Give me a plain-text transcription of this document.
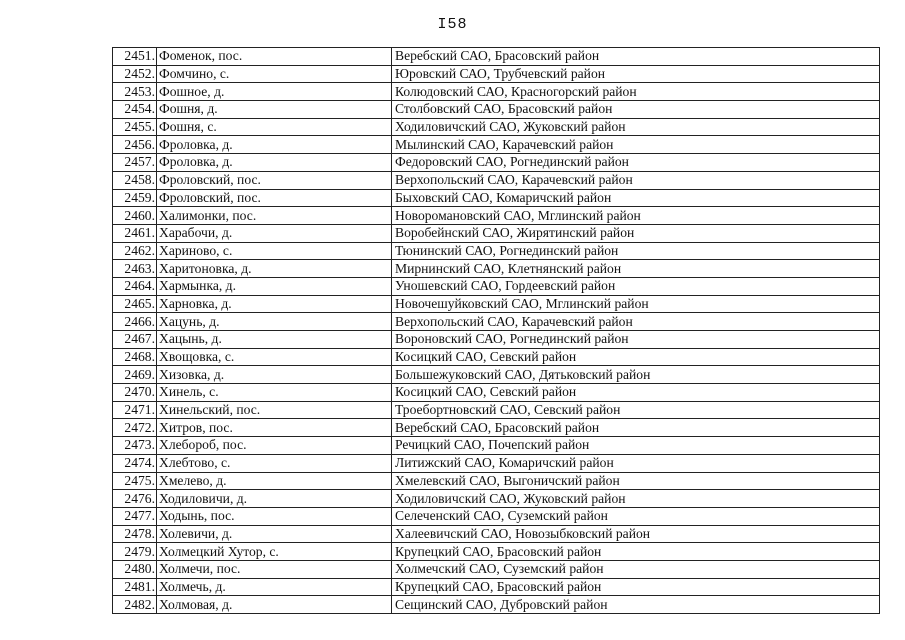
I58
2451.	Фоменок, пос.	Веребский САО, Брасовский район
2452.	Фомчино, с.	Юровский САО, Трубчевский район
2453.	Фошное, д.	Колюдовский САО, Красногорский район
2454.	Фошня, д.	Столбовский САО, Брасовский район
2455.	Фошня, с.	Ходиловичский САО, Жуковский район
2456.	Фроловка, д.	Мылинский САО, Карачевский район
2457.	Фроловка, д.	Федоровский САО, Рогнединский район
2458.	Фроловский, пос.	Верхопольский САО, Карачевский район
2459.	Фроловский, пос.	Быховский САО, Комаричский район
2460.	Халимонки, пос.	Новоромановский САО, Мглинский район
2461.	Харабочи, д.	Воробейнский САО, Жирятинский район
2462.	Хариново, с.	Тюнинский САО, Рогнединский район
2463.	Харитоновка, д.	Мирнинский САО, Клетнянский район
2464.	Хармынка, д.	Уношевский САО, Гордеевский район
2465.	Харновка, д.	Новочешуйковский САО, Мглинский район
2466.	Хацунь, д.	Верхопольский САО, Карачевский район
2467.	Хацынь, д.	Вороновский САО, Рогнединский район
2468.	Хвощовка, с.	Косицкий САО, Севский район
2469.	Хизовка, д.	Большежуковский САО, Дятьковский район
2470.	Хинель, с.	Косицкий САО, Севский район
2471.	Хинельский, пос.	Троебортновский САО, Севский район
2472.	Хитров, пос.	Веребский САО, Брасовский район
2473.	Хлебороб, пос.	Речицкий САО, Почепский район
2474.	Хлебтово, с.	Литижский САО, Комаричский район
2475.	Хмелево, д.	Хмелевский САО, Выгоничский район
2476.	Ходиловичи, д.	Ходиловичский САО, Жуковский район
2477.	Ходынь, пос.	Селеченский САО, Суземский район
2478.	Холевичи, д.	Халеевичский САО, Новозыбковский район
2479.	Холмецкий Хутор, с.	Крупецкий САО, Брасовский район
2480.	Холмечи, пос.	Холмечский САО, Суземский район
2481.	Холмечь, д.	Крупецкий САО, Брасовский район
2482.	Холмовая, д.	Сещинский САО, Дубровский район
